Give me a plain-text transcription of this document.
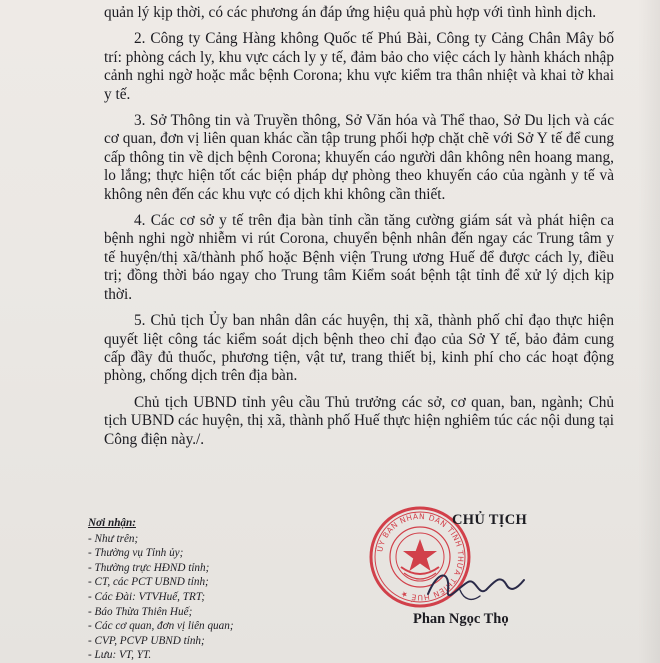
quản lý kịp thời, có các phương án đáp ứng hiệu quả phù hợp với tình hình dịch.

2. Công ty Cảng Hàng không Quốc tế Phú Bài, Công ty Cảng Chân Mây bố trí: phòng cách ly, khu vực cách ly y tế, đảm bảo cho việc cách ly hành khách nhập cảnh nghi ngờ hoặc mắc bệnh Corona; khu vực kiểm tra thân nhiệt và khai tờ khai y tế.

3. Sở Thông tin và Truyền thông, Sở Văn hóa và Thể thao, Sở Du lịch và các cơ quan, đơn vị liên quan khác cần tập trung phối hợp chặt chẽ với Sở Y tế để cung cấp thông tin về dịch bệnh Corona; khuyến cáo người dân không nên hoang mang, lo lắng; thực hiện tốt các biện pháp dự phòng theo khuyến cáo của ngành y tế và không nên đến các khu vực có dịch khi không cần thiết.

4. Các cơ sở y tế trên địa bàn tỉnh cần tăng cường giám sát và phát hiện ca bệnh nghi ngờ nhiễm vi rút Corona, chuyển bệnh nhân đến ngay các Trung tâm y tế huyện/thị xã/thành phố hoặc Bệnh viện Trung ương Huế để được cách ly, điều trị; đồng thời báo ngay cho Trung tâm Kiểm soát bệnh tật tỉnh để xử lý dịch kịp thời.

5. Chủ tịch Ủy ban nhân dân các huyện, thị xã, thành phố chỉ đạo thực hiện quyết liệt công tác kiểm soát dịch bệnh theo chỉ đạo của Sở Y tế, bảo đảm cung cấp đầy đủ thuốc, phương tiện, vật tư, trang thiết bị, kinh phí cho các hoạt động phòng, chống dịch trên địa bàn.

Chủ tịch UBND tỉnh yêu cầu Thủ trưởng các sở, cơ quan, ban, ngành; Chủ tịch UBND các huyện, thị xã, thành phố Huế thực hiện nghiêm túc các nội dung tại Công điện này./.

Nơi nhận:
- Như trên;
- Thường vụ Tỉnh ủy;
- Thường trực HĐND tỉnh;
- CT, các PCT UBND tỉnh;
- Các Đài: VTVHuế, TRT;
- Báo Thừa Thiên Huế;
- Các cơ quan, đơn vị liên quan;
- CVP, PCVP UBND tỉnh;
- Lưu: VT, YT.
ỦY BAN NHÂN DÂN TỈNH THỪA THIÊN HUẾ ★
CHỦ TỊCH
Phan Ngọc Thọ
